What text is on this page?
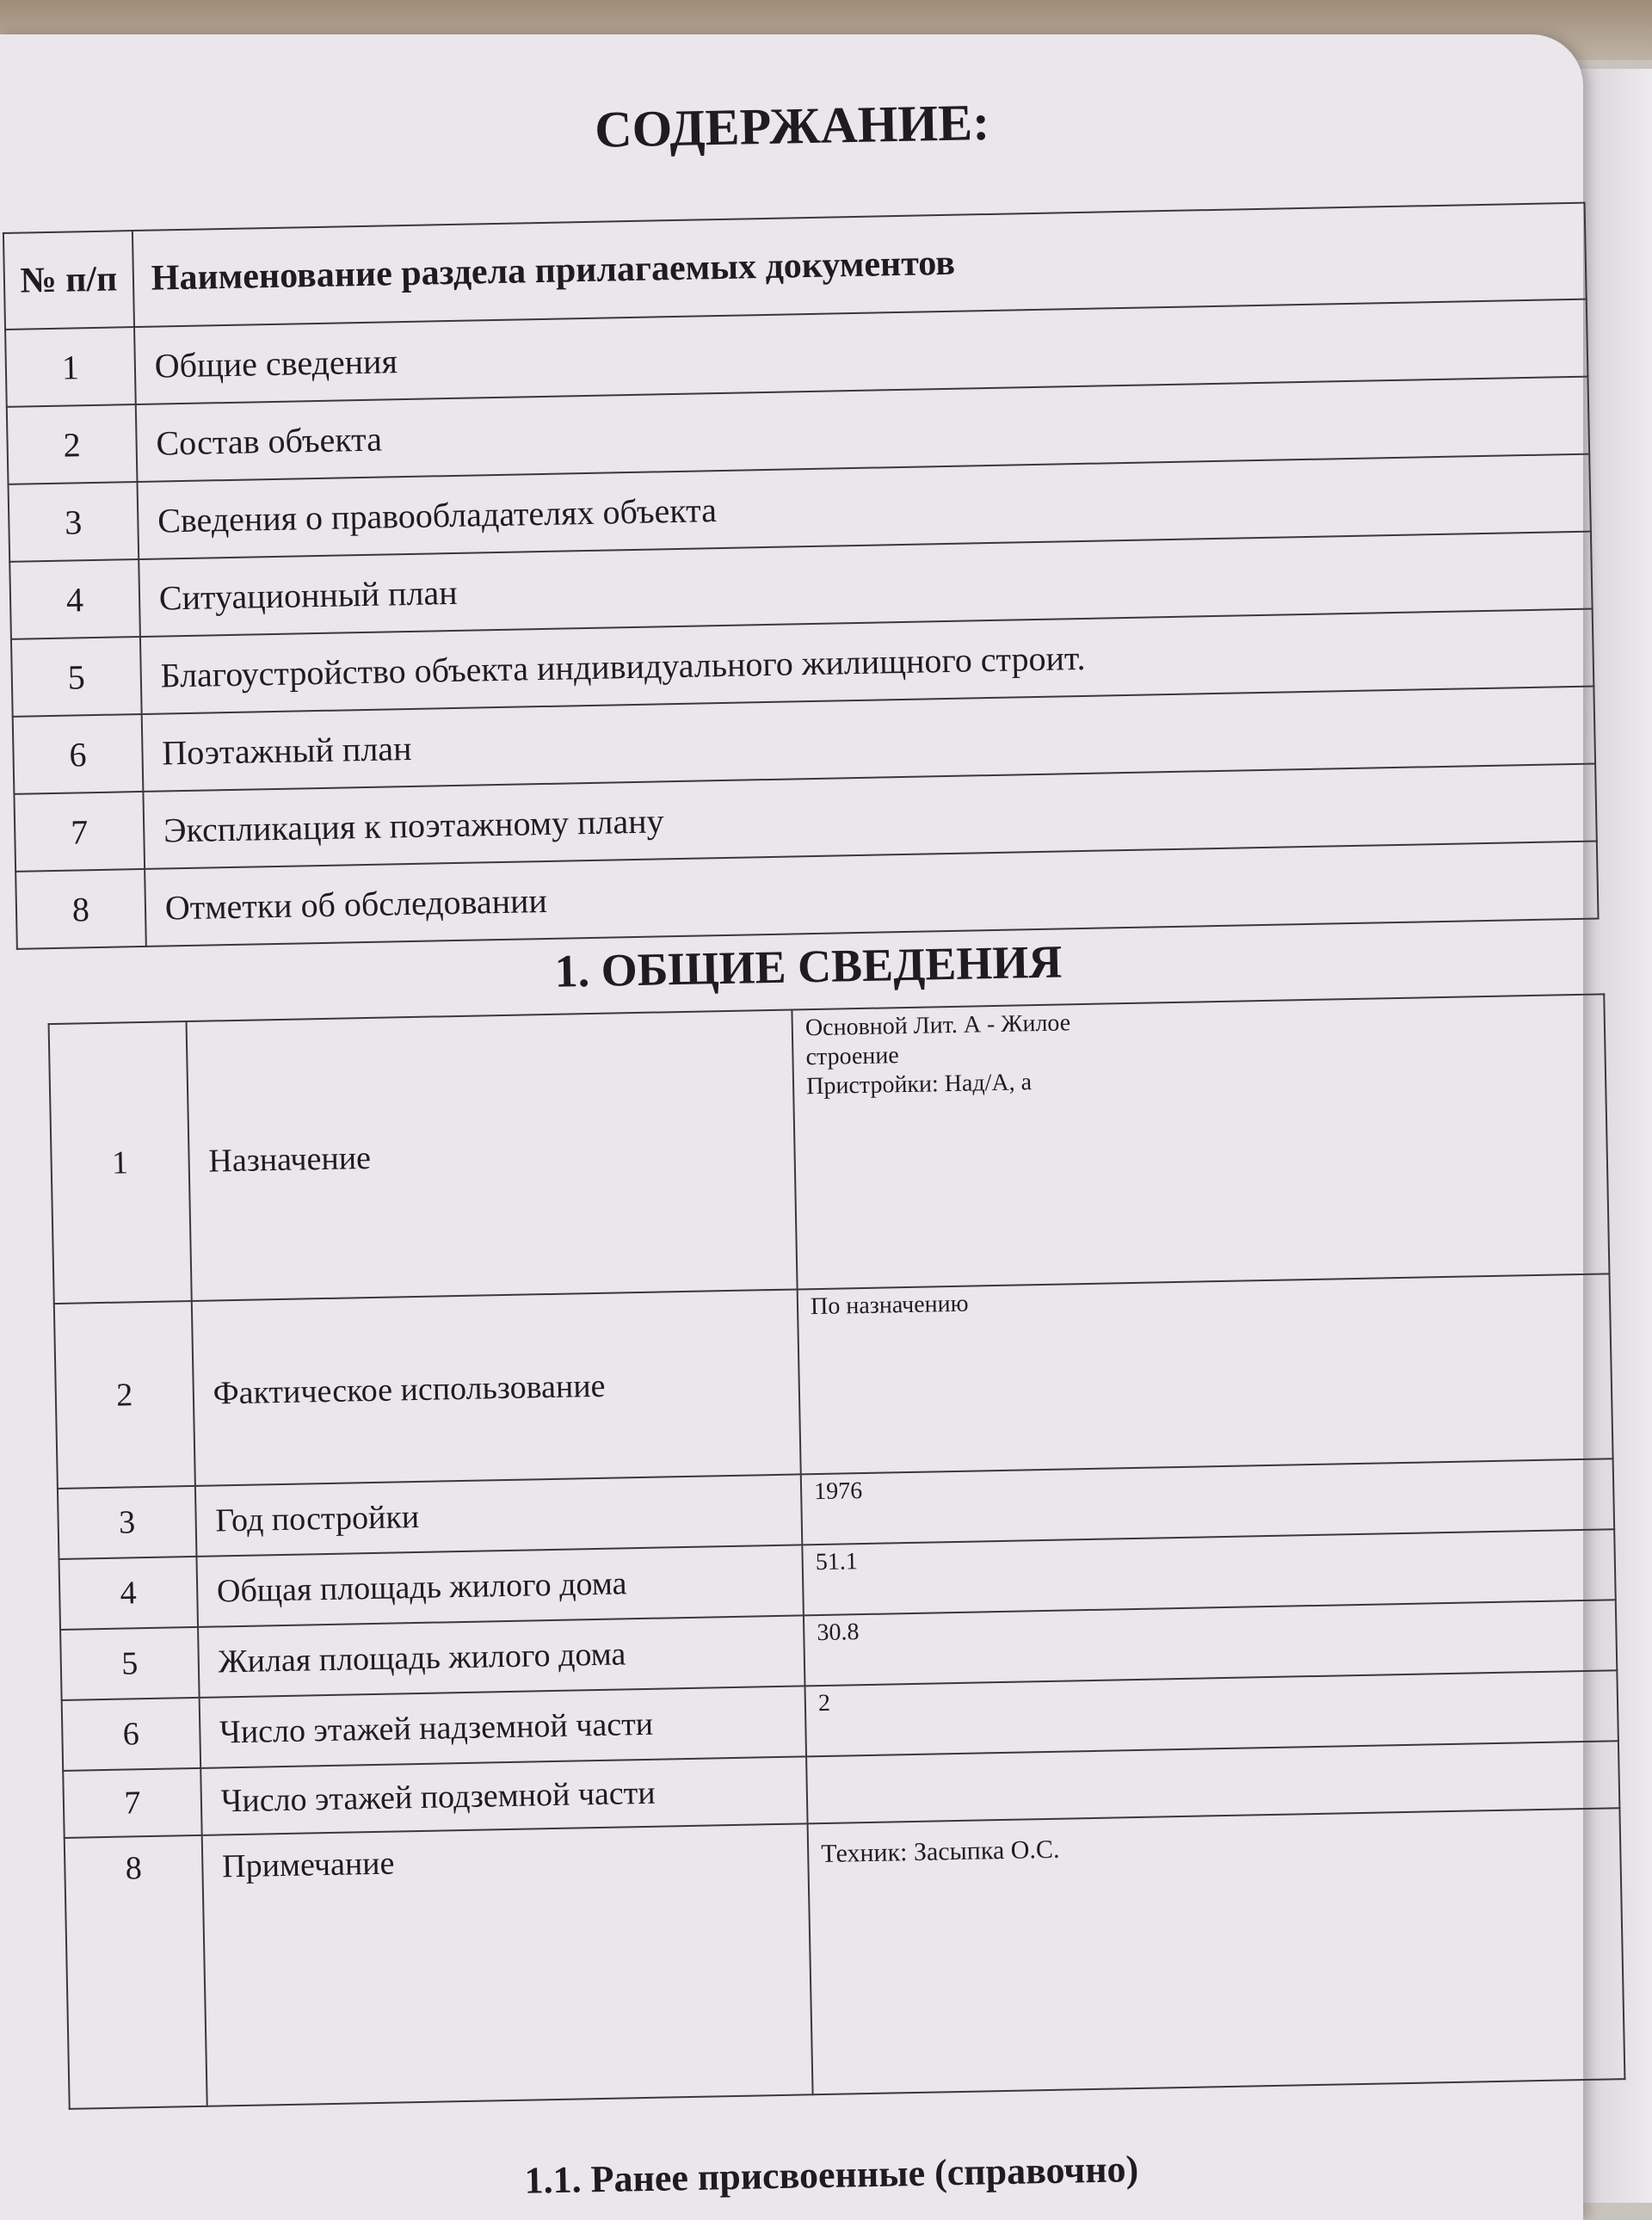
СОДЕРЖАНИЕ:
№ п/п	Наименование раздела прилагаемых документов
1	Общие сведения
2	Состав объекта
3	Сведения о правообладателях объекта
4	Ситуационный план
5	Благоустройство объекта индивидуального жилищного строит.
6	Поэтажный план
7	Экспликация к поэтажному плану
8	Отметки об обследовании
1. ОБЩИЕ СВЕДЕНИЯ
1	Назначение	Основной Лит. А - Жилое
строение
Пристройки: Над/А, а

2	Фактическое использование	По назначению
3	Год постройки	1976
4	Общая площадь жилого дома	51.1
5	Жилая площадь жилого дома	30.8
6	Число этажей надземной части	2
7	Число этажей подземной части	
8	Примечание	Техник: Засыпка О.С.
1.1. Ранее присвоенные (справочно)
